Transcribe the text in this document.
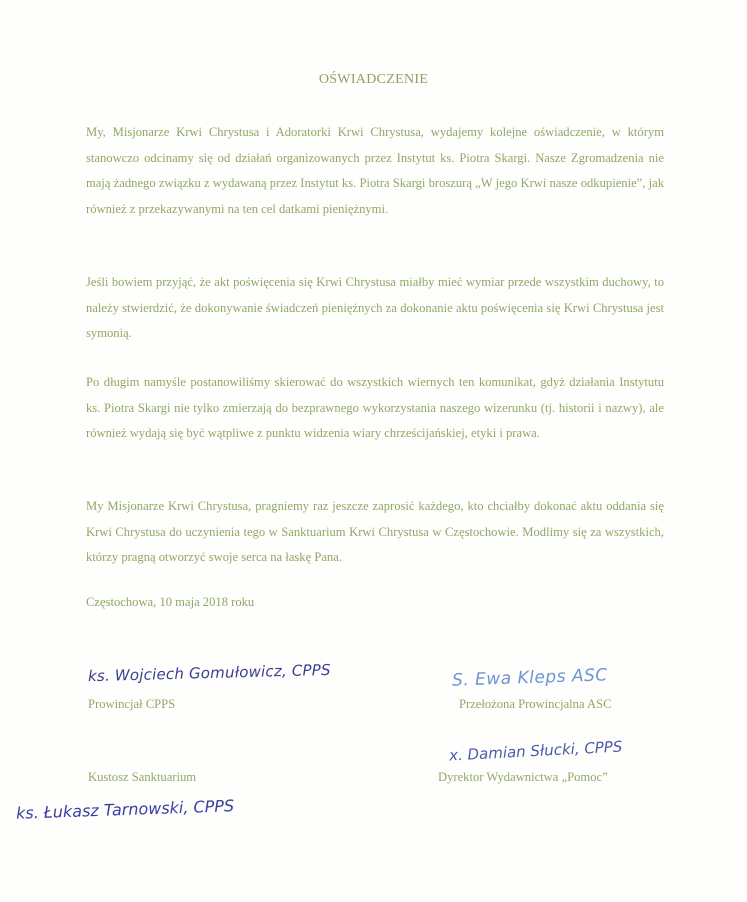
OŚWIADCZENIE

My, Misjonarze Krwi Chrystusa i Adoratorki Krwi Chrystusa, wydajemy kolejne oświadczenie, w którym stanowczo odcinamy się od działań organizowanych przez Instytut ks. Piotra Skargi. Nasze Zgromadzenia nie mają żadnego związku z wydawaną przez Instytut ks. Piotra Skargi broszurą „W jego Krwi nasze odkupienie”, jak również z przekazywanymi na ten cel datkami pieniężnymi.

Jeśli bowiem przyjąć, że akt poświęcenia się Krwi Chrystusa miałby mieć wymiar przede wszystkim duchowy, to należy stwierdzić, że dokonywanie świadczeń pieniężnych za dokonanie aktu poświęcenia się Krwi Chrystusa jest symonią.

Po długim namyśle postanowiliśmy skierować do wszystkich wiernych ten komunikat, gdyż działania Instytutu ks. Piotra Skargi nie tylko zmierzają do bezprawnego wykorzystania naszego wizerunku (tj. historii i nazwy), ale również wydają się być wątpliwe z punktu widzenia wiary chrześcijańskiej, etyki i prawa.

My Misjonarze Krwi Chrystusa, pragniemy raz jeszcze zaprosić każdego, kto chciałby dokonać aktu oddania się Krwi Chrystusa do uczynienia tego w Sanktuarium Krwi Chrystusa w Częstochowie. Modlimy się za wszystkich, którzy pragną otworzyć swoje serca na łaskę Pana.

Częstochowa, 10 maja 2018 roku
ks. Wojciech Gomułowicz, CPPS
Prowincjał CPPS
S. Ewa Kleps ASC
Przełożona Prowincjalna ASC
x. Damian Słucki, CPPS
Dyrektor Wydawnictwa „Pomoc”
Kustosz Sanktuarium
ks. Łukasz Tarnowski, CPPS
